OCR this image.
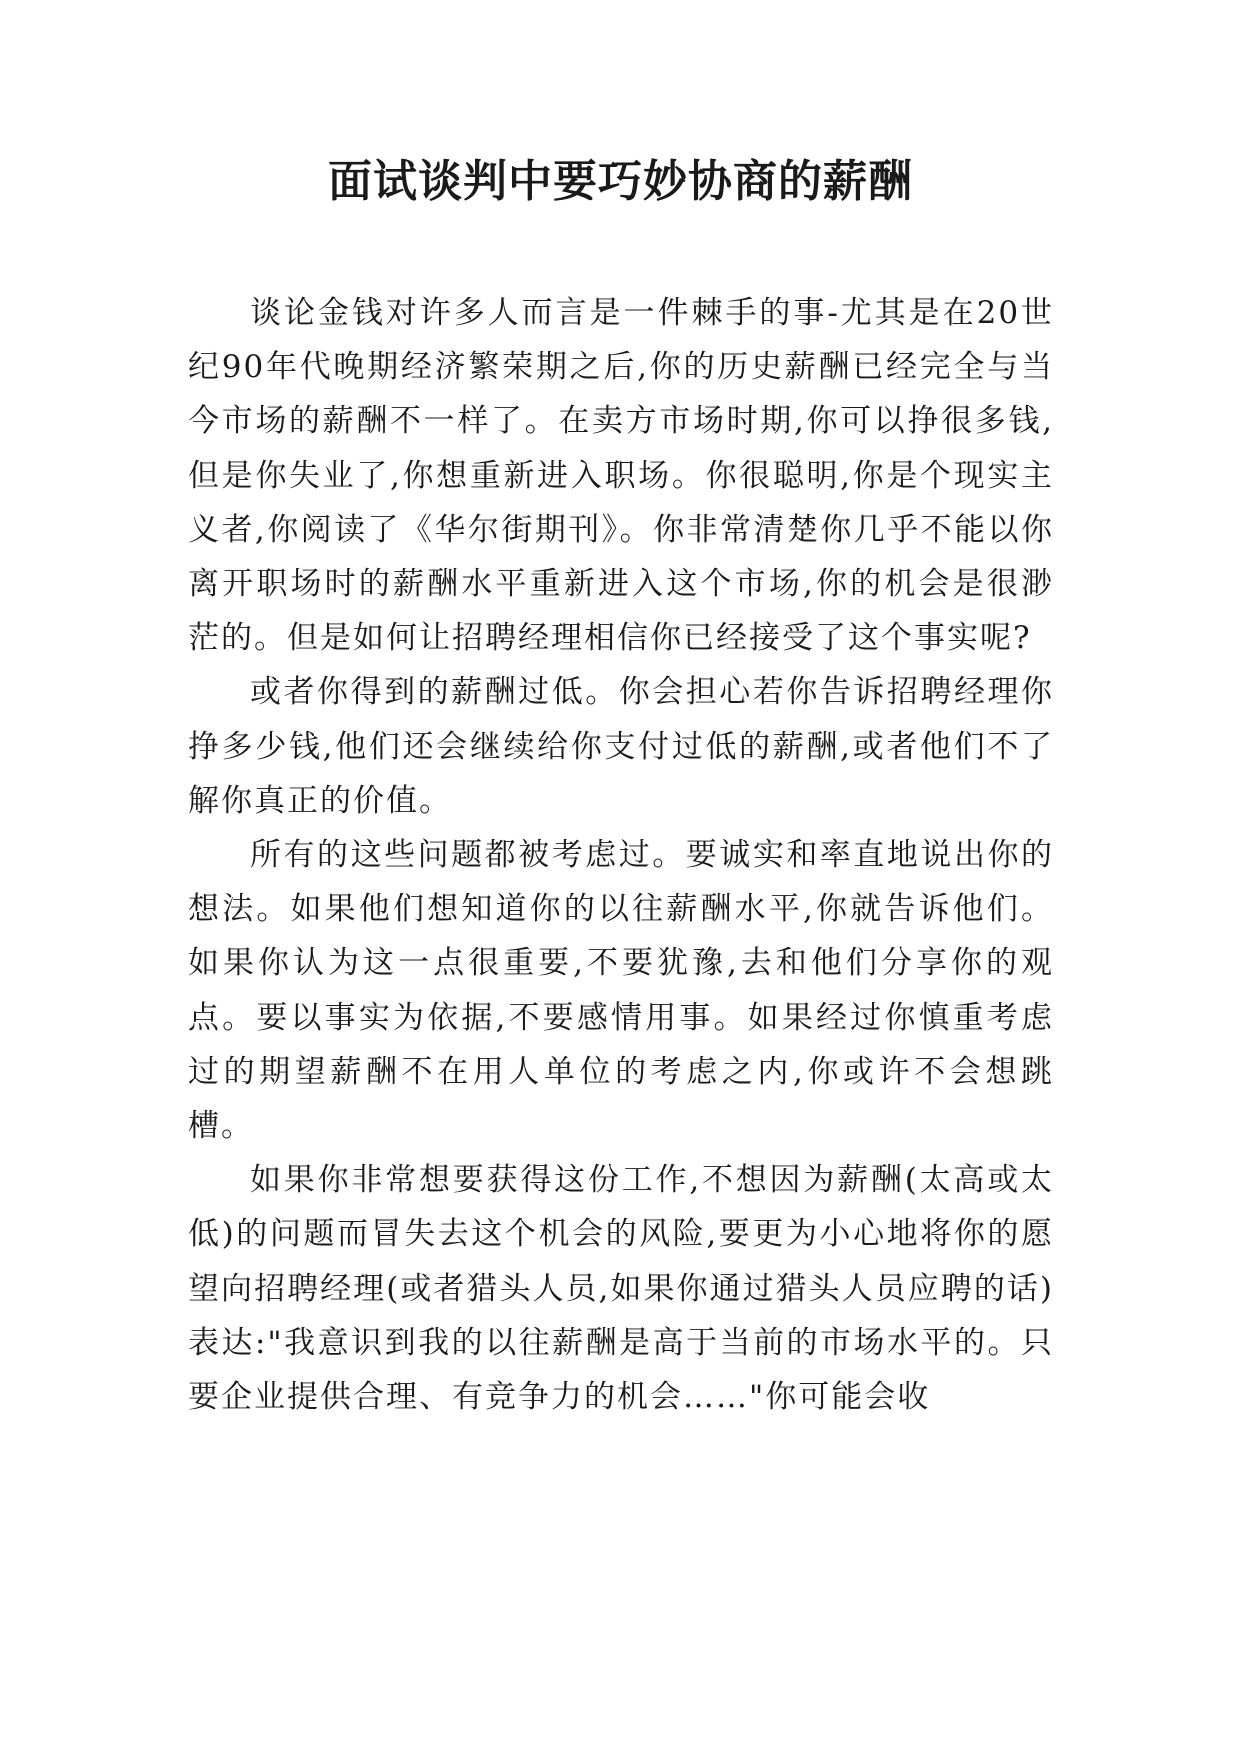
面试谈判中要巧妙协商的薪酬

谈论金钱对许多人而言是一件棘手的事-尤其是在20世纪90年代晚期经济繁荣期之后,你的历史薪酬已经完全与当今市场的薪酬不一样了。在卖方市场时期,你可以挣很多钱,但是你失业了,你想重新进入职场。你很聪明,你是个现实主义者,你阅读了《华尔街期刊》。你非常清楚你几乎不能以你离开职场时的薪酬水平重新进入这个市场,你的机会是很渺茫的。但是如何让招聘经理相信你已经接受了这个事实呢?

或者你得到的薪酬过低。你会担心若你告诉招聘经理你挣多少钱,他们还会继续给你支付过低的薪酬,或者他们不了解你真正的价值。

所有的这些问题都被考虑过。要诚实和率直地说出你的想法。如果他们想知道你的以往薪酬水平,你就告诉他们。如果你认为这一点很重要,不要犹豫,去和他们分享你的观点。要以事实为依据,不要感情用事。如果经过你慎重考虑过的期望薪酬不在用人单位的考虑之内,你或许不会想跳槽。

如果你非常想要获得这份工作,不想因为薪酬(太高或太低)的问题而冒失去这个机会的风险,要更为小心地将你的愿望向招聘经理(或者猎头人员,如果你通过猎头人员应聘的话)表达:"我意识到我的以往薪酬是高于当前的市场水平的。只要企业提供合理、有竞争力的机会……"你可能会收
